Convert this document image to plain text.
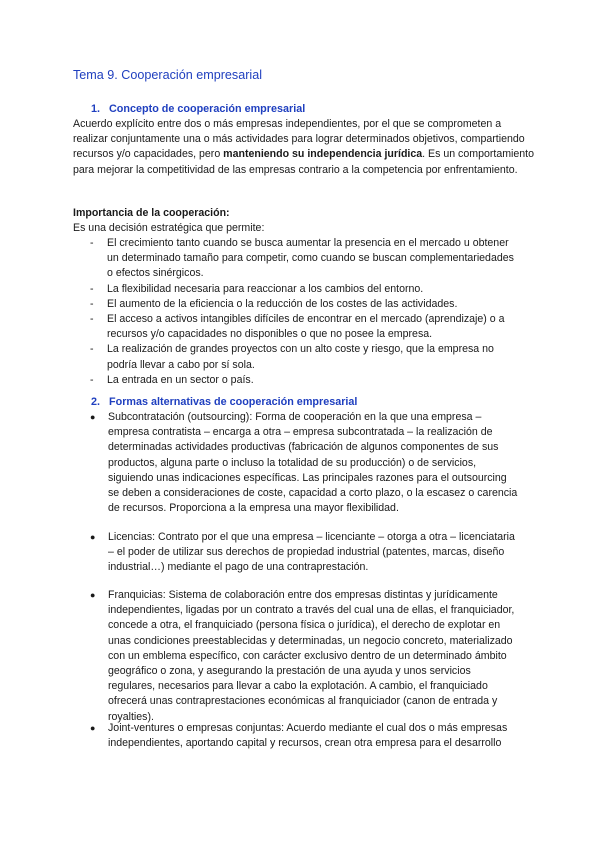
Tema 9. Cooperación empresarial
1. Concepto de cooperación empresarial

Acuerdo explícito entre dos o más empresas independientes, por el que se comprometen a realizar conjuntamente una o más actividades para lograr determinados objetivos, compartiendo recursos y/o capacidades, pero manteniendo su independencia jurídica. Es un comportamiento para mejorar la competitividad de las empresas contrario a la competencia por enfrentamiento.

Importancia de la cooperación:

Es una decisión estratégica que permite:

- El crecimiento tanto cuando se busca aumentar la presencia en el mercado u obtener un determinado tamaño para competir, como cuando se buscan complementariedades o efectos sinérgicos.
- La flexibilidad necesaria para reaccionar a los cambios del entorno.
- El aumento de la eficiencia o la reducción de los costes de las actividades.
- El acceso a activos intangibles difíciles de encontrar en el mercado (aprendizaje) o a recursos y/o capacidades no disponibles o que no posee la empresa.
- La realización de grandes proyectos con un alto coste y riesgo, que la empresa no podría llevar a cabo por sí sola.
- La entrada en un sector o país.
2. Formas alternativas de cooperación empresarial
● Subcontratación (outsourcing): Forma de cooperación en la que una empresa – empresa contratista – encarga a otra – empresa subcontratada – la realización de determinadas actividades productivas (fabricación de algunos componentes de sus productos, alguna parte o incluso la totalidad de su producción) o de servicios, siguiendo unas indicaciones específicas. Las principales razones para el outsourcing se deben a consideraciones de coste, capacidad a corto plazo, o la escasez o carencia de recursos. Proporciona a la empresa una mayor flexibilidad.
● Licencias: Contrato por el que una empresa – licenciante – otorga a otra – licenciataria – el poder de utilizar sus derechos de propiedad industrial (patentes, marcas, diseño industrial…) mediante el pago de una contraprestación.
● Franquicias: Sistema de colaboración entre dos empresas distintas y jurídicamente independientes, ligadas por un contrato a través del cual una de ellas, el franquiciador, concede a otra, el franquiciado (persona física o jurídica), el derecho de explotar en unas condiciones preestablecidas y determinadas, un negocio concreto, materializado con un emblema específico, con carácter exclusivo dentro de un determinado ámbito geográfico o zona, y asegurando la prestación de una ayuda y unos servicios regulares, necesarios para llevar a cabo la explotación. A cambio, el franquiciado ofrecerá unas contraprestaciones económicas al franquiciador (canon de entrada y royalties).
● Joint-ventures o empresas conjuntas: Acuerdo mediante el cual dos o más empresas independientes, aportando capital y recursos, crean otra empresa para el desarrollo
